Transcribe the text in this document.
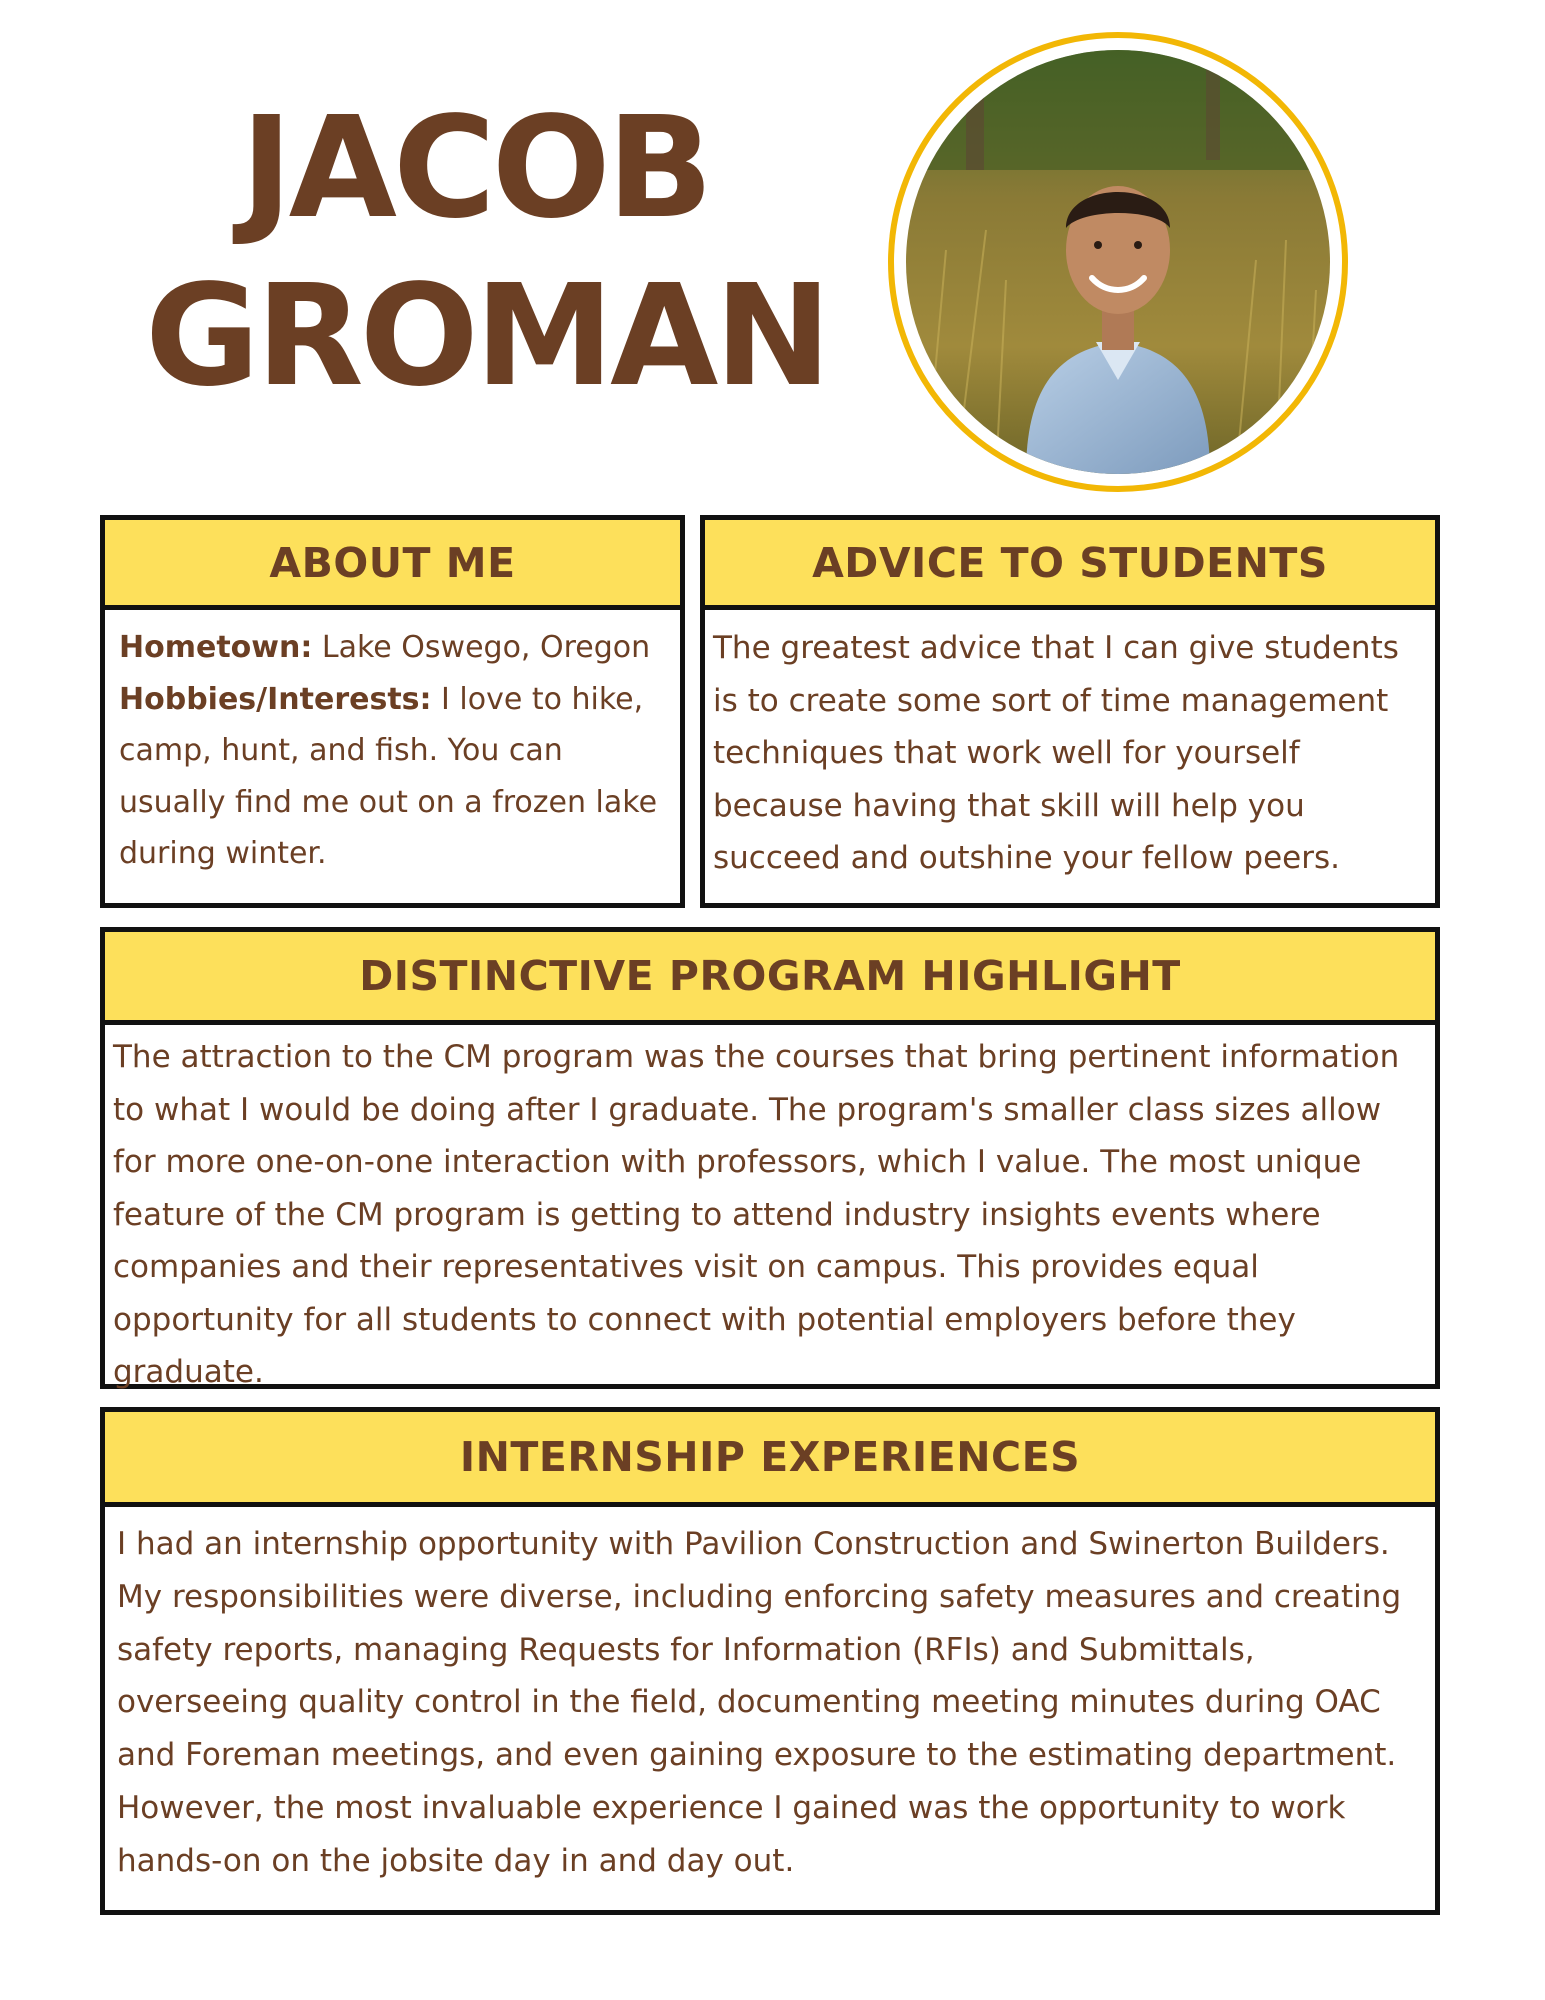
JACOB
GROMAN
ABOUT ME
Hometown: Lake Oswego, Oregon
Hobbies/Interests: I love to hike, camp, hunt, and fish. You can usually find me out on a frozen lake during winter.
ADVICE TO STUDENTS
The greatest advice that I can give students is to create some sort of time management techniques that work well for yourself because having that skill will help you succeed and outshine your fellow peers.
DISTINCTIVE PROGRAM HIGHLIGHT
The attraction to the CM program was the courses that bring pertinent information to what I would be doing after I graduate. The program's smaller class sizes allow for more one-on-one interaction with professors, which I value. The most unique feature of the CM program is getting to attend industry insights events where companies and their representatives visit on campus. This provides equal opportunity for all students to connect with potential employers before they graduate.
INTERNSHIP EXPERIENCES
I had an internship opportunity with Pavilion Construction and Swinerton Builders. My responsibilities were diverse, including enforcing safety measures and creating safety reports, managing Requests for Information (RFIs) and Submittals, overseeing quality control in the field, documenting meeting minutes during OAC and Foreman meetings, and even gaining exposure to the estimating department. However, the most invaluable experience I gained was the opportunity to work hands-on on the jobsite day in and day out.
